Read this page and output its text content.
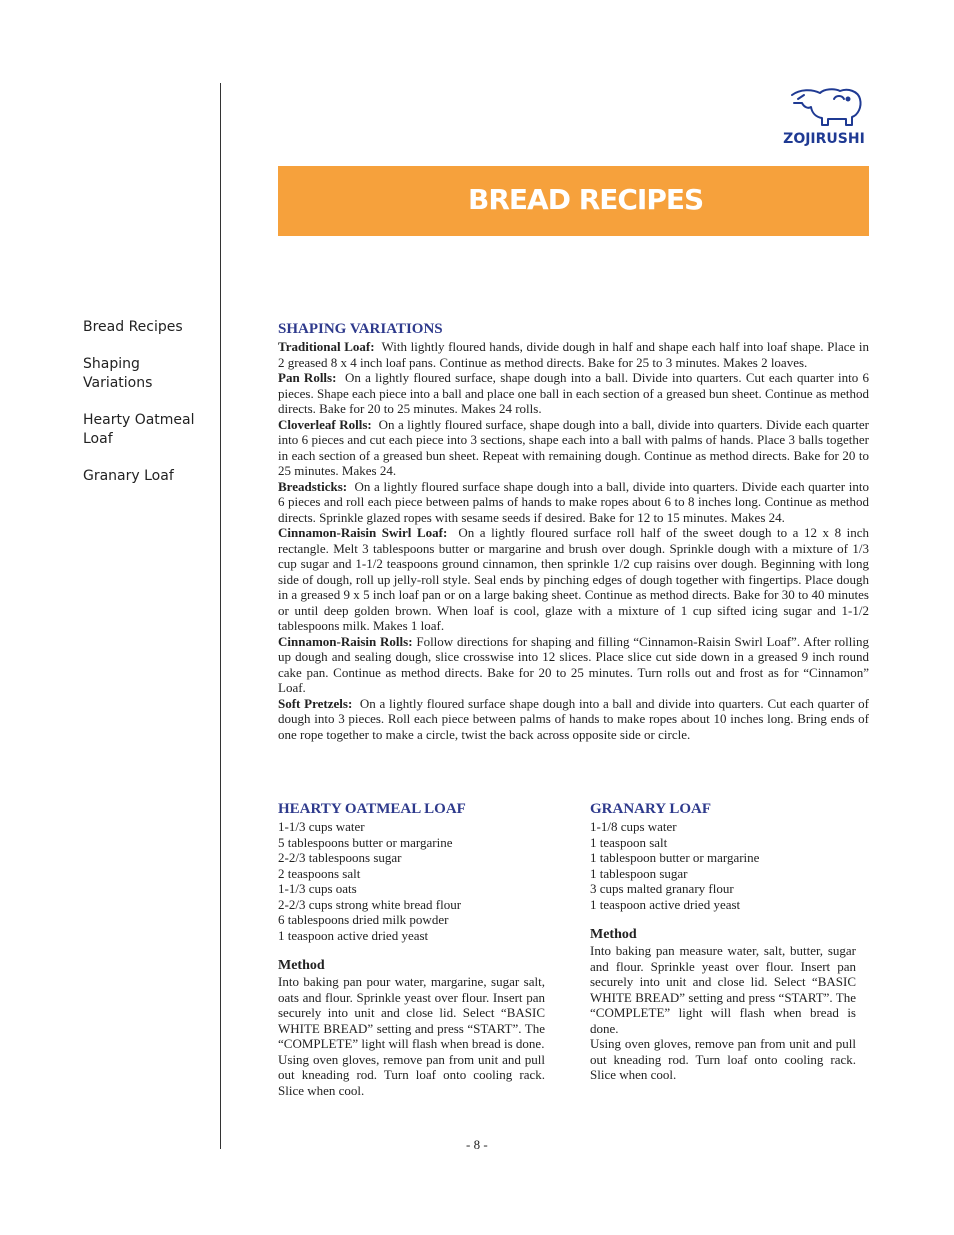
ZOJIRUSHI
BREAD RECIPES
Bread Recipes
Shaping Variations
Hearty Oatmeal Loaf
Granary Loaf
SHAPING VARIATIONS

Traditional Loaf: With lightly floured hands, divide dough in half and shape each half into loaf shape. Place in 2 greased 8 x 4 inch loaf pans. Continue as method directs. Bake for 25 to 3 minutes. Makes 2 loaves.

Pan Rolls: On a lightly floured surface, shape dough into a ball. Divide into quarters. Cut each quarter into 6 pieces. Shape each piece into a ball and place one ball in each section of a greased bun sheet. Continue as method directs. Bake for 20 to 25 minutes. Makes 24 rolls.

Cloverleaf Rolls: On a lightly floured surface, shape dough into a ball, divide into quarters. Divide each quarter into 6 pieces and cut each piece into 3 sections, shape each into a ball with palms of hands. Place 3 balls together in each section of a greased bun sheet. Repeat with remaining dough. Continue as method directs. Bake for 20 to 25 minutes. Makes 24.

Breadsticks: On a lightly floured surface shape dough into a ball, divide into quarters. Divide each quarter into 6 pieces and roll each piece between palms of hands to make ropes about 6 to 8 inches long. Continue as method directs. Sprinkle glazed ropes with sesame seeds if desired. Bake for 12 to 15 minutes. Makes 24.

Cinnamon-Raisin Swirl Loaf: On a lightly floured surface roll half of the sweet dough to a 12 x 8 inch rectangle. Melt 3 tablespoons butter or margarine and brush over dough. Sprinkle dough with a mixture of 1/3 cup sugar and 1-1/2 teaspoons ground cinnamon, then sprinkle 1/2 cup raisins over dough. Beginning with long side of dough, roll up jelly-roll style. Seal ends by pinching edges of dough together with fingertips. Place dough in a greased 9 x 5 inch loaf pan or on a large baking sheet. Continue as method directs. Bake for 30 to 40 minutes or until deep golden brown. When loaf is cool, glaze with a mixture of 1 cup sifted icing sugar and 1-1/2 tablespoons milk. Makes 1 loaf.

Cinnamon-Raisin Rolls: Follow directions for shaping and filling “Cinnamon-Raisin Swirl Loaf”. After rolling up dough and sealing dough, slice crosswise into 12 slices. Place slice cut side down in a greased 9 inch round cake pan. Continue as method directs. Bake for 20 to 25 minutes. Turn rolls out and frost as for “Cinnamon” Loaf.

Soft Pretzels: On a lightly floured surface shape dough into a ball and divide into quarters. Cut each quarter of dough into 3 pieces. Roll each piece between palms of hands to make ropes about 10 inches long. Bring ends of one rope together to make a circle, twist the back across opposite side or circle.

HEARTY OATMEAL LOAF
1-1/3 cups water
5 tablespoons butter or margarine
2-2/3 tablespoons sugar
2 teaspoons salt
1-1/3 cups oats
2-2/3 cups strong white bread flour
6 tablespoons dried milk powder
1 teaspoon active dried yeast
Method

Into baking pan pour water, margarine, sugar salt, oats and flour. Sprinkle yeast over flour. Insert pan securely into unit and close lid. Select “BASIC WHITE BREAD” setting and press “START”. The “COMPLETE” light will flash when bread is done.

Using oven gloves, remove pan from unit and pull out kneading rod. Turn loaf onto cooling rack. Slice when cool.

GRANARY LOAF
1-1/8 cups water
1 teaspoon salt
1 tablespoon butter or margarine
1 tablespoon sugar
3 cups malted granary flour
1 teaspoon active dried yeast
Method

Into baking pan measure water, salt, butter, sugar and flour. Sprinkle yeast over flour. Insert pan securely into unit and close lid. Select “BASIC WHITE BREAD” setting and press “START”. The “COMPLETE” light will flash when bread is done.

Using oven gloves, remove pan from unit and pull out kneading rod. Turn loaf onto cooling rack. Slice when cool.

- 8 -
